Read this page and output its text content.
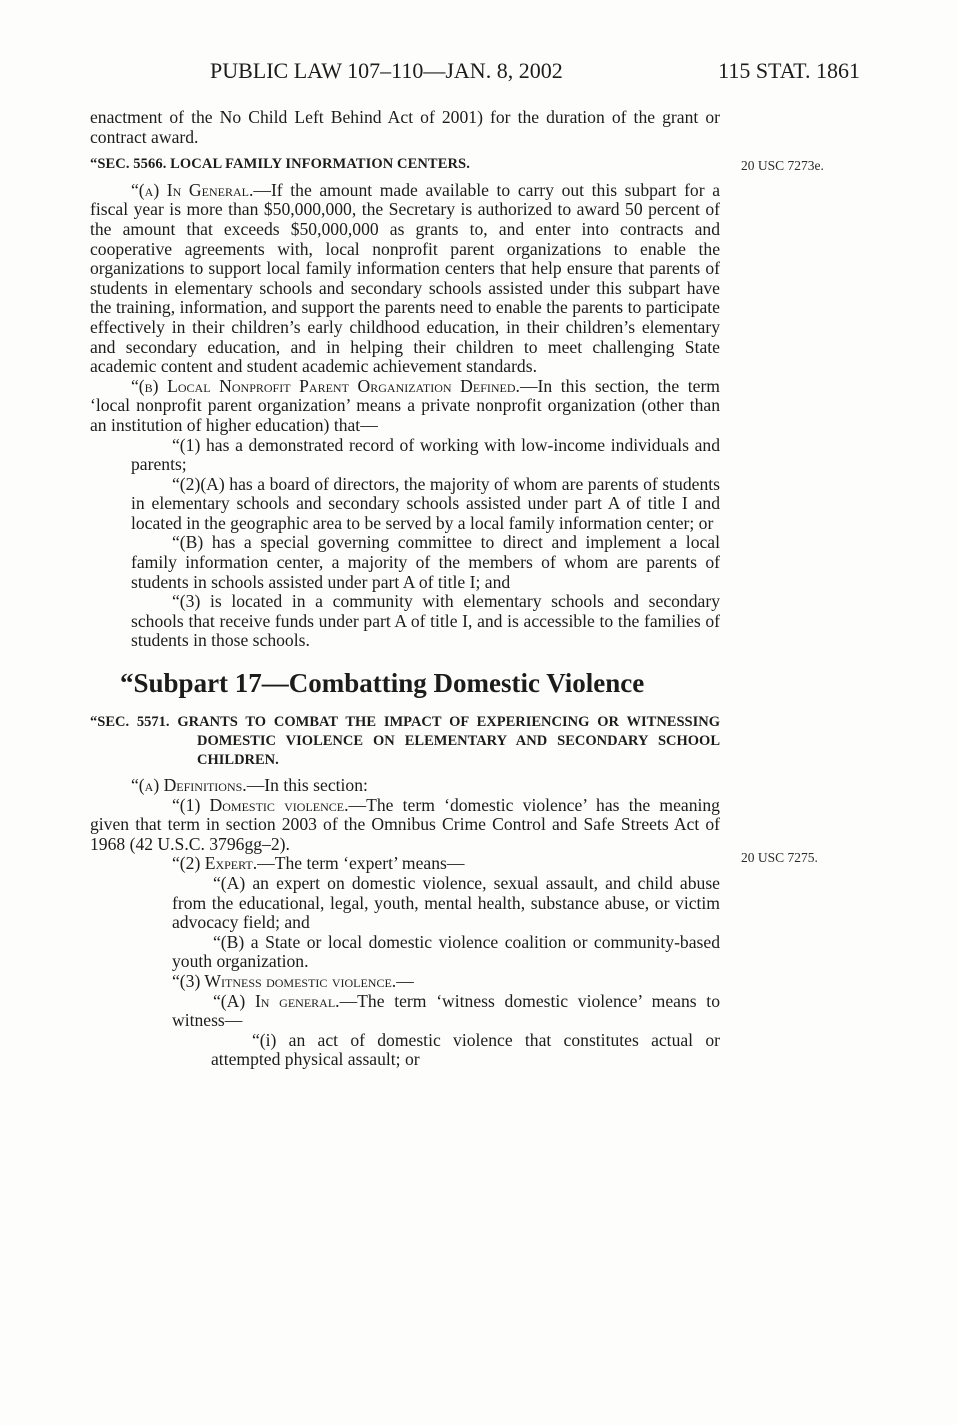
PUBLIC LAW 107–110—JAN. 8, 2002	115 STAT. 1861
20 USC 7273e.
20 USC 7275.

enactment of the No Child Left Behind Act of 2001) for the duration of the grant or contract award.

“SEC. 5566. LOCAL FAMILY INFORMATION CENTERS.

“(a) In General.—If the amount made available to carry out this subpart for a fiscal year is more than $50,000,000, the Secretary is authorized to award 50 percent of the amount that exceeds $50,000,000 as grants to, and enter into contracts and cooperative agreements with, local nonprofit parent organizations to enable the organizations to support local family information centers that help ensure that parents of students in elementary schools and secondary schools assisted under this subpart have the training, information, and support the parents need to enable the parents to participate effectively in their children’s early childhood education, in their children’s elementary and secondary education, and in helping their children to meet challenging State academic content and student academic achievement standards.

“(b) Local Nonprofit Parent Organization Defined.—In this section, the term ‘local nonprofit parent organization’ means a private nonprofit organization (other than an institution of higher education) that—

“(1) has a demonstrated record of working with low-income individuals and parents;

“(2)(A) has a board of directors, the majority of whom are parents of students in elementary schools and secondary schools assisted under part A of title I and located in the geographic area to be served by a local family information center; or

“(B) has a special governing committee to direct and implement a local family information center, a majority of the members of whom are parents of students in schools assisted under part A of title I; and

“(3) is located in a community with elementary schools and secondary schools that receive funds under part A of title I, and is accessible to the families of students in those schools.

“Subpart 17—Combatting Domestic Violence

“SEC. 5571. GRANTS TO COMBAT THE IMPACT OF EXPERIENCING OR WITNESSING DOMESTIC VIOLENCE ON ELEMENTARY AND SECONDARY SCHOOL CHILDREN.

“(a) Definitions.—In this section:

“(1) Domestic violence.—The term ‘domestic violence’ has the meaning given that term in section 2003 of the Omnibus Crime Control and Safe Streets Act of 1968 (42 U.S.C. 3796gg–2).

“(2) Expert.—The term ‘expert’ means—

“(A) an expert on domestic violence, sexual assault, and child abuse from the educational, legal, youth, mental health, substance abuse, or victim advocacy field; and

“(B) a State or local domestic violence coalition or community-based youth organization.

“(3) Witness domestic violence.—

“(A) In general.—The term ‘witness domestic violence’ means to witness—

“(i) an act of domestic violence that constitutes actual or attempted physical assault; or
